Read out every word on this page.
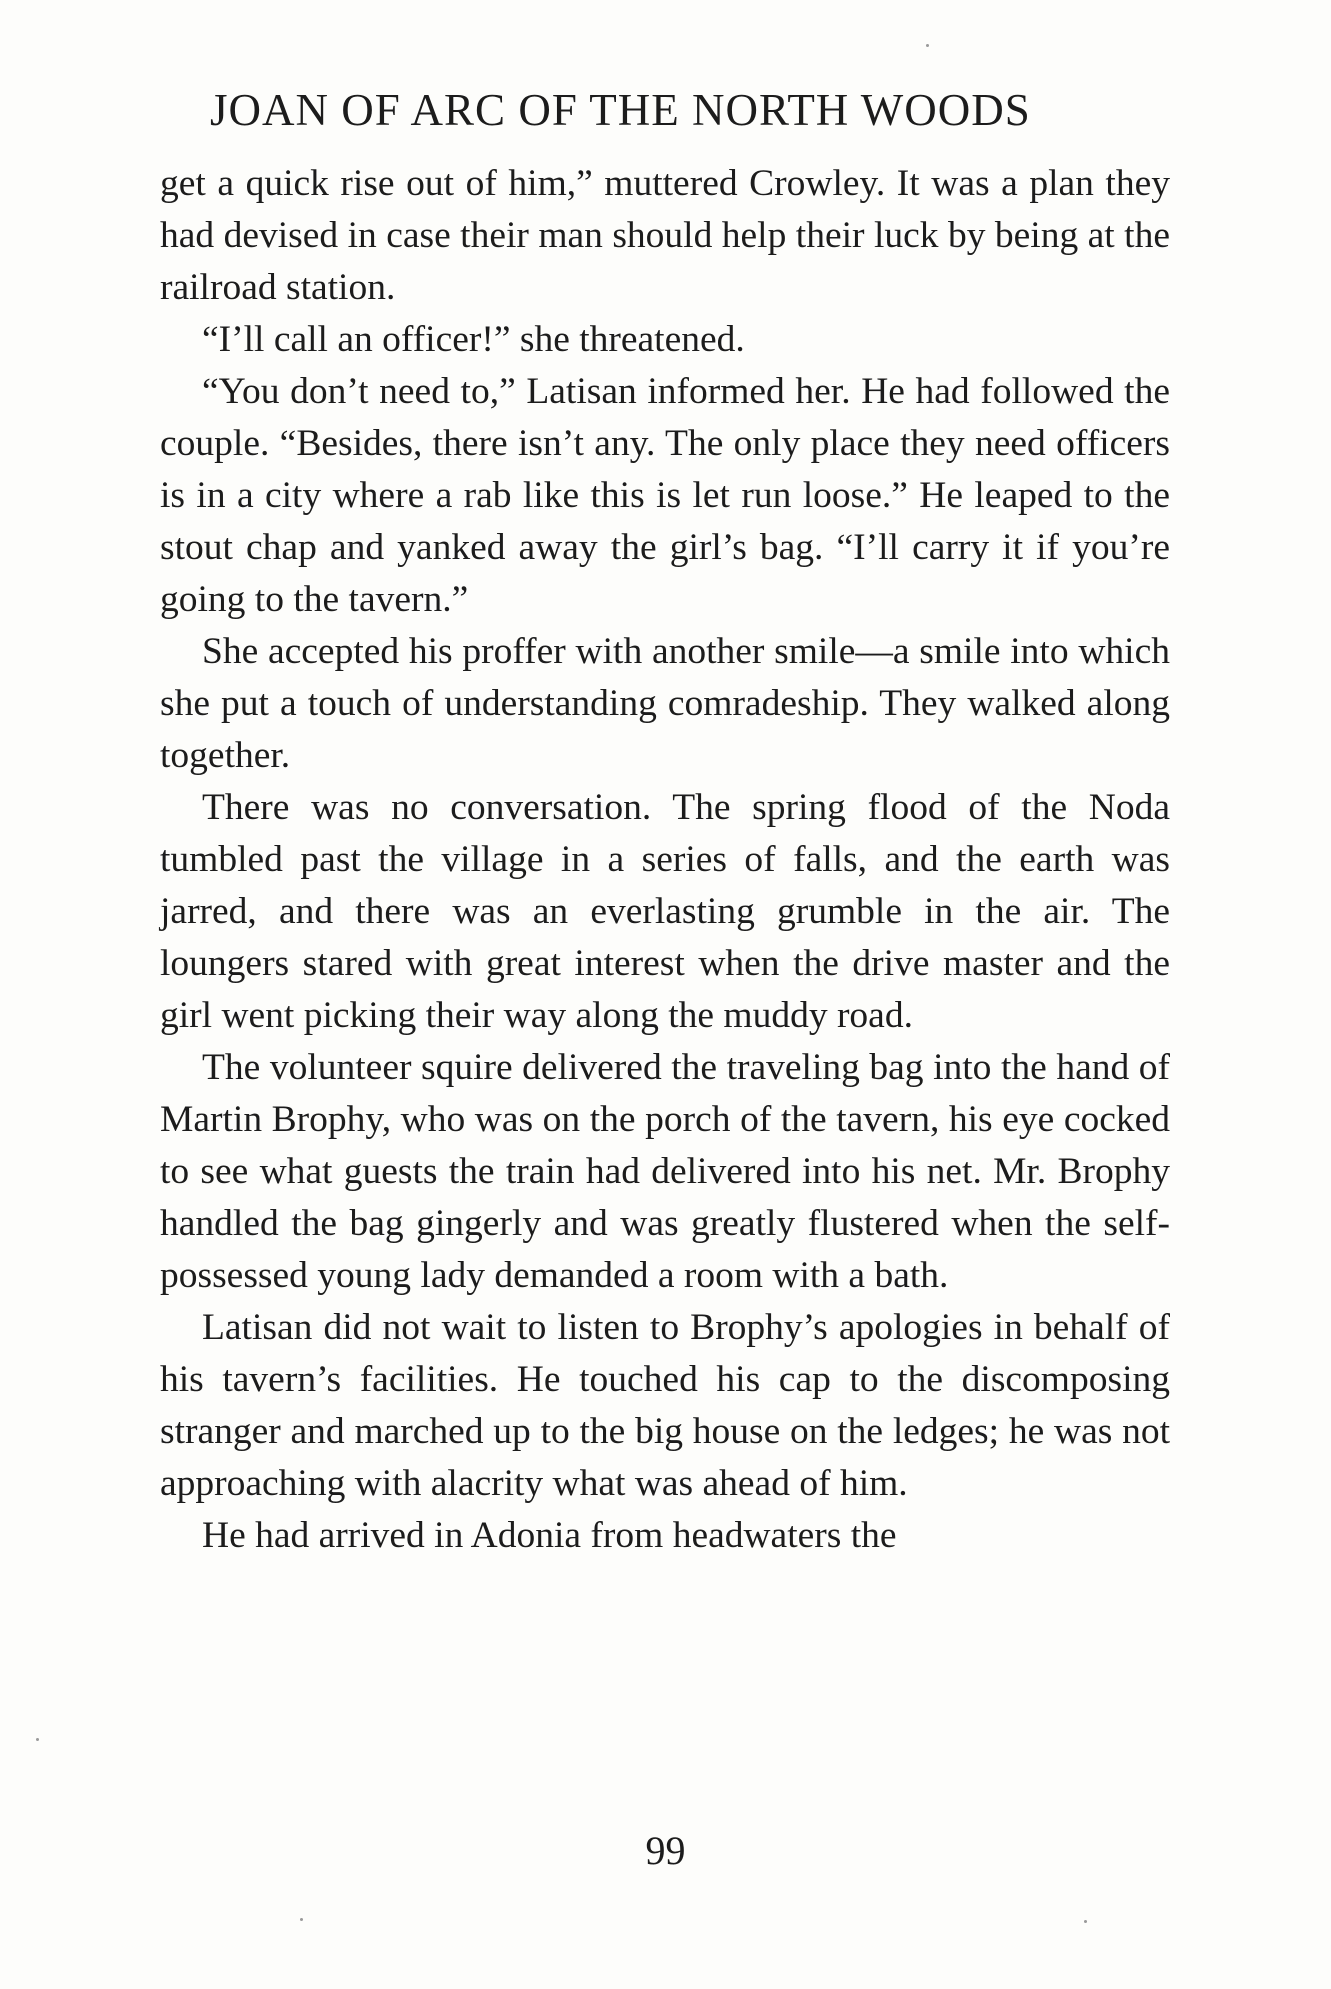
JOAN OF ARC OF THE NORTH WOODS

get a quick rise out of him,” muttered Crowley. It was a plan they had devised in case their man should help their luck by being at the railroad station.

“I’ll call an officer!” she threatened.

“You don’t need to,” Latisan informed her. He had followed the couple. “Besides, there isn’t any. The only place they need officers is in a city where a rab like this is let run loose.” He leaped to the stout chap and yanked away the girl’s bag. “I’ll carry it if you’re going to the tavern.”

She accepted his proffer with another smile—a smile into which she put a touch of understanding comradeship. They walked along together.

There was no conversation. The spring flood of the Noda tumbled past the village in a series of falls, and the earth was jarred, and there was an everlasting grumble in the air. The loungers stared with great interest when the drive master and the girl went picking their way along the muddy road.

The volunteer squire delivered the traveling bag into the hand of Martin Brophy, who was on the porch of the tavern, his eye cocked to see what guests the train had delivered into his net. Mr. Brophy handled the bag gingerly and was greatly flustered when the self-possessed young lady demanded a room with a bath.

Latisan did not wait to listen to Brophy’s apologies in behalf of his tavern’s facilities. He touched his cap to the discomposing stranger and marched up to the big house on the ledges; he was not approaching with alacrity what was ahead of him.

He had arrived in Adonia from headwaters the

99
